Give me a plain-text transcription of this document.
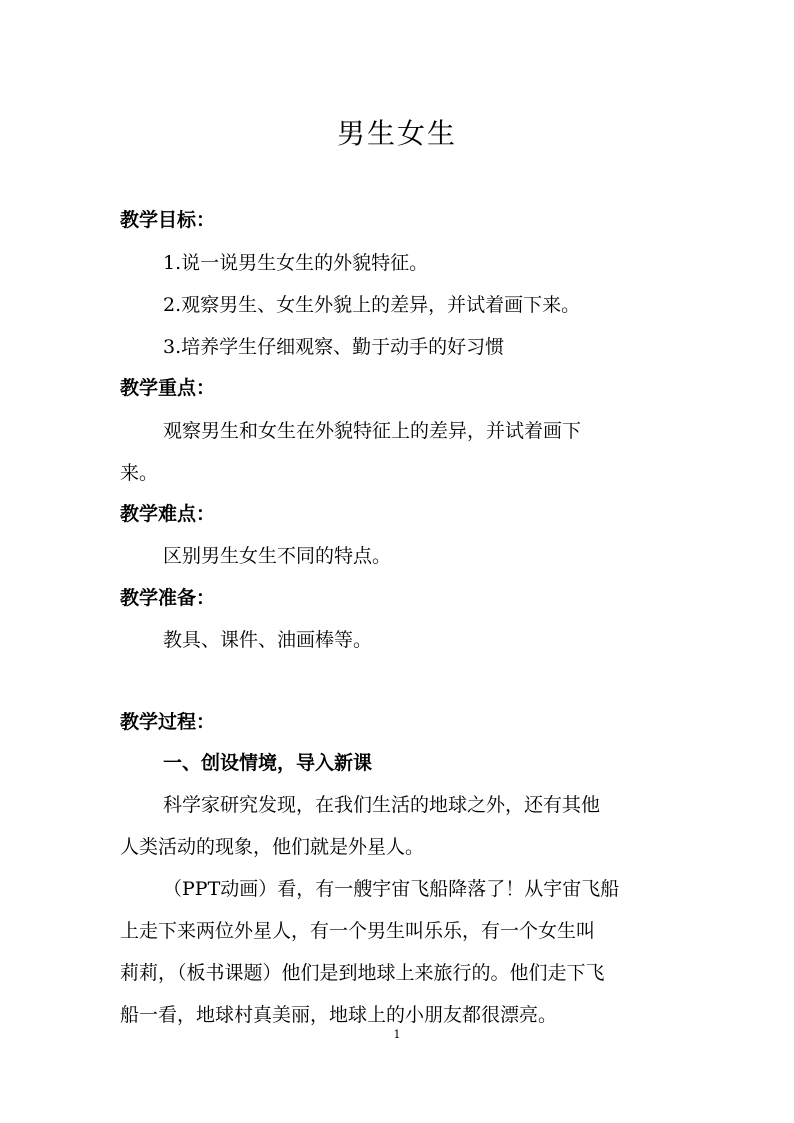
男生女生
教学目标：
1.说一说男生女生的外貌特征。
2.观察男生、女生外貌上的差异，并试着画下来。
3.培养学生仔细观察、勤于动手的好习惯
教学重点：
观察男生和女生在外貌特征上的差异，并试着画下
来。
教学难点：
区别男生女生不同的特点。
教学准备：
教具、课件、油画棒等。
教学过程：
一、创设情境，导入新课
科学家研究发现，在我们生活的地球之外，还有其他
人类活动的现象，他们就是外星人。
（PPT动画）看，有一艘宇宙飞船降落了！从宇宙飞船
上走下来两位外星人，有一个男生叫乐乐，有一个女生叫
莉莉，（板书课题）他们是到地球上来旅行的。他们走下飞
船一看，地球村真美丽，地球上的小朋友都很漂亮。
1
